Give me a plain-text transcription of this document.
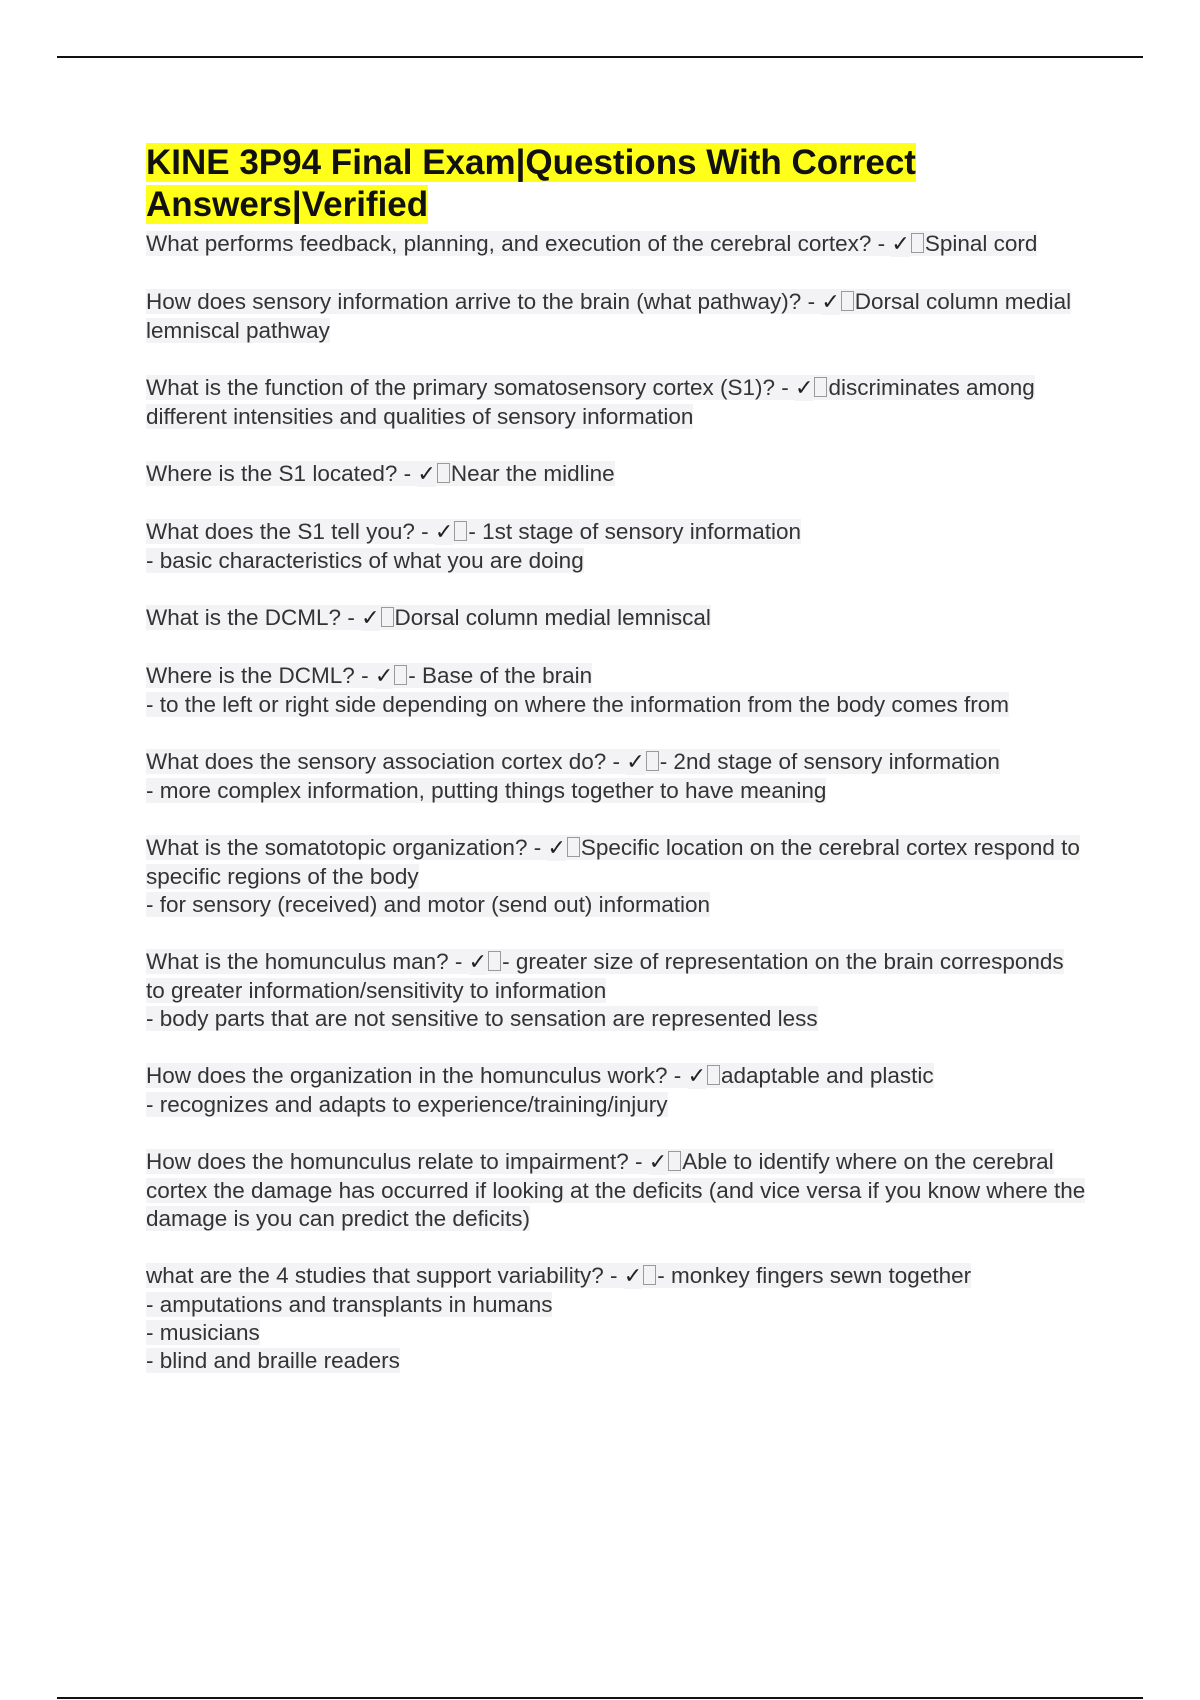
KINE 3P94 Final Exam|Questions With Correct Answers|Verified
What performs feedback, planning, and execution of the cerebral cortex? - ✓ Spinal cord
How does sensory information arrive to the brain (what pathway)? - ✓ Dorsal column medial lemniscal pathway
What is the function of the primary somatosensory cortex (S1)? - ✓ discriminates among different intensities and qualities of sensory information
Where is the S1 located? - ✓ Near the midline
What does the S1 tell you? - ✓ - 1st stage of sensory information
- basic characteristics of what you are doing
What is the DCML? - ✓ Dorsal column medial lemniscal
Where is the DCML? - ✓ - Base of the brain
- to the left or right side depending on where the information from the body comes from
What does the sensory association cortex do? - ✓ - 2nd stage of sensory information
- more complex information, putting things together to have meaning
What is the somatotopic organization? - ✓ Specific location on the cerebral cortex respond to specific regions of the body
- for sensory (received) and motor (send out) information
What is the homunculus man? - ✓ - greater size of representation on the brain corresponds to greater information/sensitivity to information
- body parts that are not sensitive to sensation are represented less
How does the organization in the homunculus work? - ✓ adaptable and plastic
- recognizes and adapts to experience/training/injury
How does the homunculus relate to impairment? - ✓ Able to identify where on the cerebral cortex the damage has occurred if looking at the deficits (and vice versa if you know where the damage is you can predict the deficits)
what are the 4 studies that support variability? - ✓ - monkey fingers sewn together
- amputations and transplants in humans
- musicians
- blind and braille readers
